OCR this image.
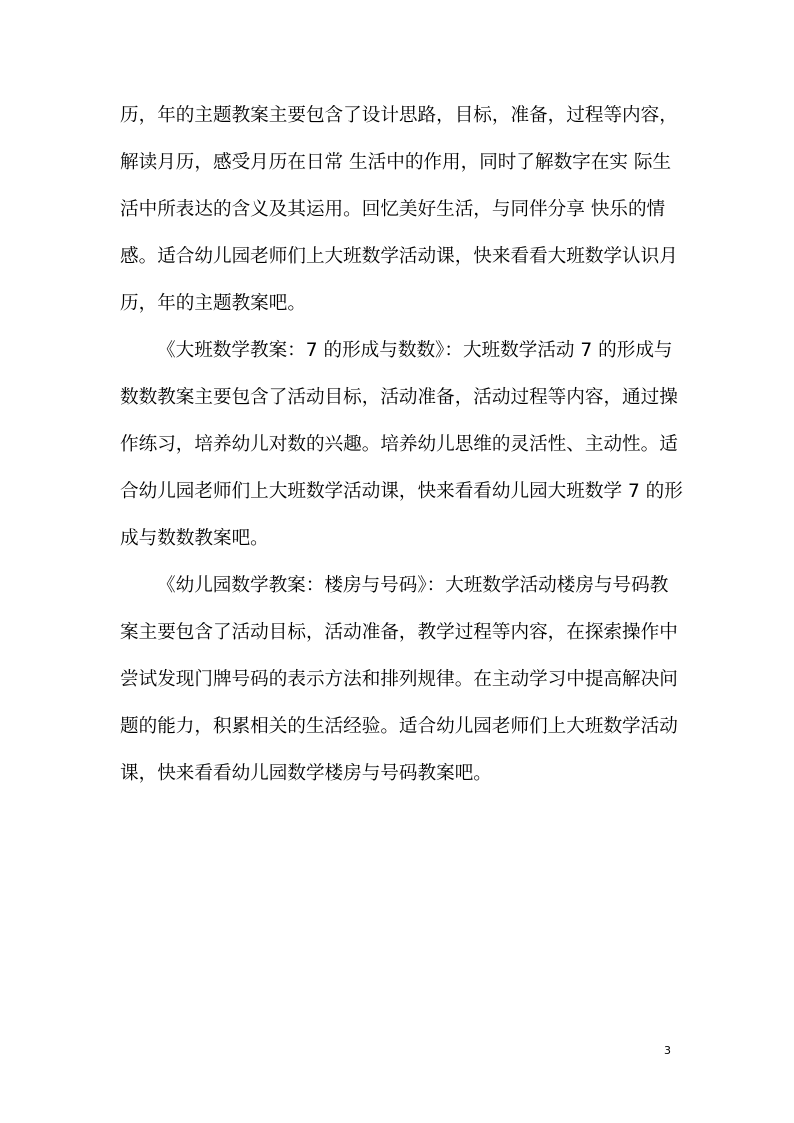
历，年的主题教案主要包含了设计思路，目标，准备，过程等内容，
解读月历，感受月历在日常 生活中的作用，同时了解数字在实 际生
活中所表达的含义及其运用。回忆美好生活，与同伴分享 快乐的情
感。适合幼儿园老师们上大班数学活动课，快来看看大班数学认识月
历，年的主题教案吧。
《大班数学教案：7 的形成与数数》：大班数学活动 7 的形成与
数数教案主要包含了活动目标，活动准备，活动过程等内容，通过操
作练习，培养幼儿对数的兴趣。培养幼儿思维的灵活性、主动性。适
合幼儿园老师们上大班数学活动课，快来看看幼儿园大班数学 7 的形
成与数数教案吧。
《幼儿园数学教案：楼房与号码》：大班数学活动楼房与号码教
案主要包含了活动目标，活动准备，教学过程等内容，在探索操作中
尝试发现门牌号码的表示方法和排列规律。在主动学习中提高解决问
题的能力，积累相关的生活经验。适合幼儿园老师们上大班数学活动
课，快来看看幼儿园数学楼房与号码教案吧。
3
